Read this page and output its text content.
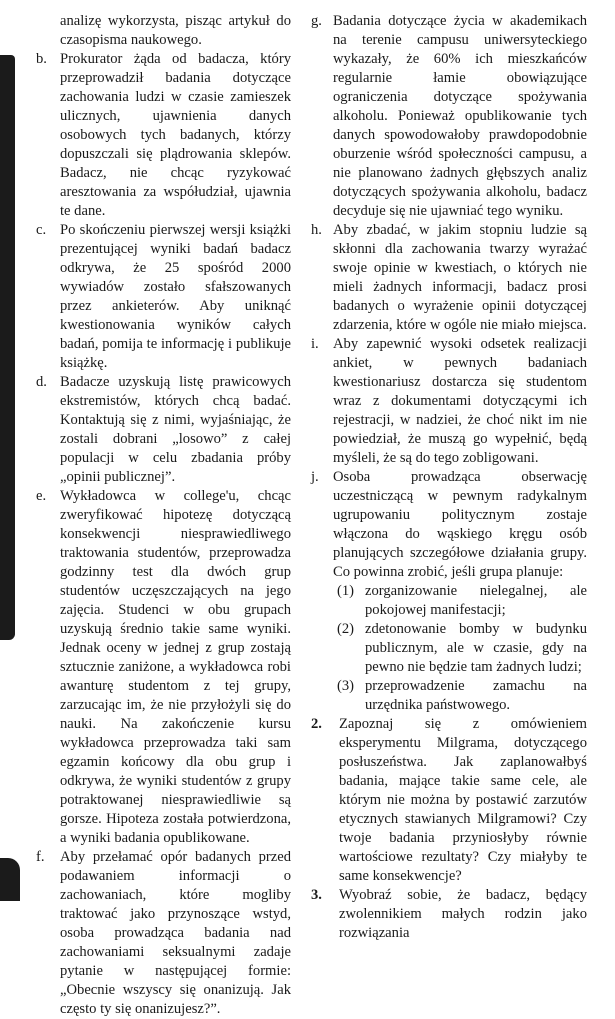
analizę wykorzysta, pisząc artykuł do czasopisma naukowego.
b. Prokurator żąda od badacza, który przeprowadził badania dotyczące zachowania ludzi w czasie zamieszek ulicznych, ujawnienia danych osobowych tych badanych, którzy dopuszczali się plądrowania sklepów. Badacz, nie chcąc ryzykować aresztowania za współudział, ujawnia te dane.
c. Po skończeniu pierwszej wersji książki prezentującej wyniki badań badacz odkrywa, że 25 spośród 2000 wywiadów zostało sfałszowanych przez ankieterów. Aby uniknąć kwestionowania wyników całych badań, pomija te informację i publikuje książkę.
d. Badacze uzyskują listę prawicowych ekstremistów, których chcą badać. Kontaktują się z nimi, wyjaśniając, że zostali dobrani „losowo” z całej populacji w celu zbadania próby „opinii publicznej”.
e. Wykładowca w college'u, chcąc zweryfikować hipotezę dotyczącą konsekwencji niesprawiedliwego traktowania studentów, przeprowadza godzinny test dla dwóch grup studentów uczęszczających na jego zajęcia. Studenci w obu grupach uzyskują średnio takie same wyniki. Jednak oceny w jednej z grup zostają sztucznie zaniżone, a wykładowca robi awanturę studentom z tej grupy, zarzucając im, że nie przyłożyli się do nauki. Na zakończenie kursu wykładowca przeprowadza taki sam egzamin końcowy dla obu grup i odkrywa, że wyniki studentów z grupy potraktowanej niesprawiedliwie są gorsze. Hipoteza została potwierdzona, a wyniki badania opublikowane.
f. Aby przełamać opór badanych przed podawaniem informacji o zachowaniach, które mogliby traktować jako przynoszące wstyd, osoba prowadząca badania nad zachowaniami seksualnymi zadaje pytanie w następującej formie: „Obecnie wszyscy się onanizują. Jak często ty się onanizujesz?”.
g. Badania dotyczące życia w akademikach na terenie campusu uniwersyteckiego wykazały, że 60% ich mieszkańców regularnie łamie obowiązujące ograniczenia dotyczące spożywania alkoholu. Ponieważ opublikowanie tych danych spowodowałoby prawdopodobnie oburzenie wśród społeczności campusu, a nie planowano żadnych głębszych analiz dotyczących spożywania alkoholu, badacz decyduje się nie ujawniać tego wyniku.
h. Aby zbadać, w jakim stopniu ludzie są skłonni dla zachowania twarzy wyrażać swoje opinie w kwestiach, o których nie mieli żadnych informacji, badacz prosi badanych o wyrażenie opinii dotyczącej zdarzenia, które w ogóle nie miało miejsca.
i. Aby zapewnić wysoki odsetek realizacji ankiet, w pewnych badaniach kwestionariusz dostarcza się studentom wraz z dokumentami dotyczącymi ich rejestracji, w nadziei, że choć nikt im nie powiedział, że muszą go wypełnić, będą myśleli, że są do tego zobligowani.
j. Osoba prowadząca obserwację uczestniczącą w pewnym radykalnym ugrupowaniu politycznym zostaje włączona do wąskiego kręgu osób planujących szczegółowe działania grupy. Co powinna zrobić, jeśli grupa planuje:
(1) zorganizowanie nielegalnej, ale pokojowej manifestacji;
(2) zdetonowanie bomby w budynku publicznym, ale w czasie, gdy na pewno nie będzie tam żadnych ludzi;
(3) przeprowadzenie zamachu na urzędnika państwowego.
2. Zapoznaj się z omówieniem eksperymentu Milgrama, dotyczącego posłuszeństwa. Jak zaplanowałbyś badania, mające takie same cele, ale którym nie można by postawić zarzutów etycznych stawianych Milgramowi? Czy twoje badania przyniosłyby równie wartościowe rezultaty? Czy miałyby te same konsekwencje?
3. Wyobraź sobie, że badacz, będący zwolennikiem małych rodzin jako rozwiązania
